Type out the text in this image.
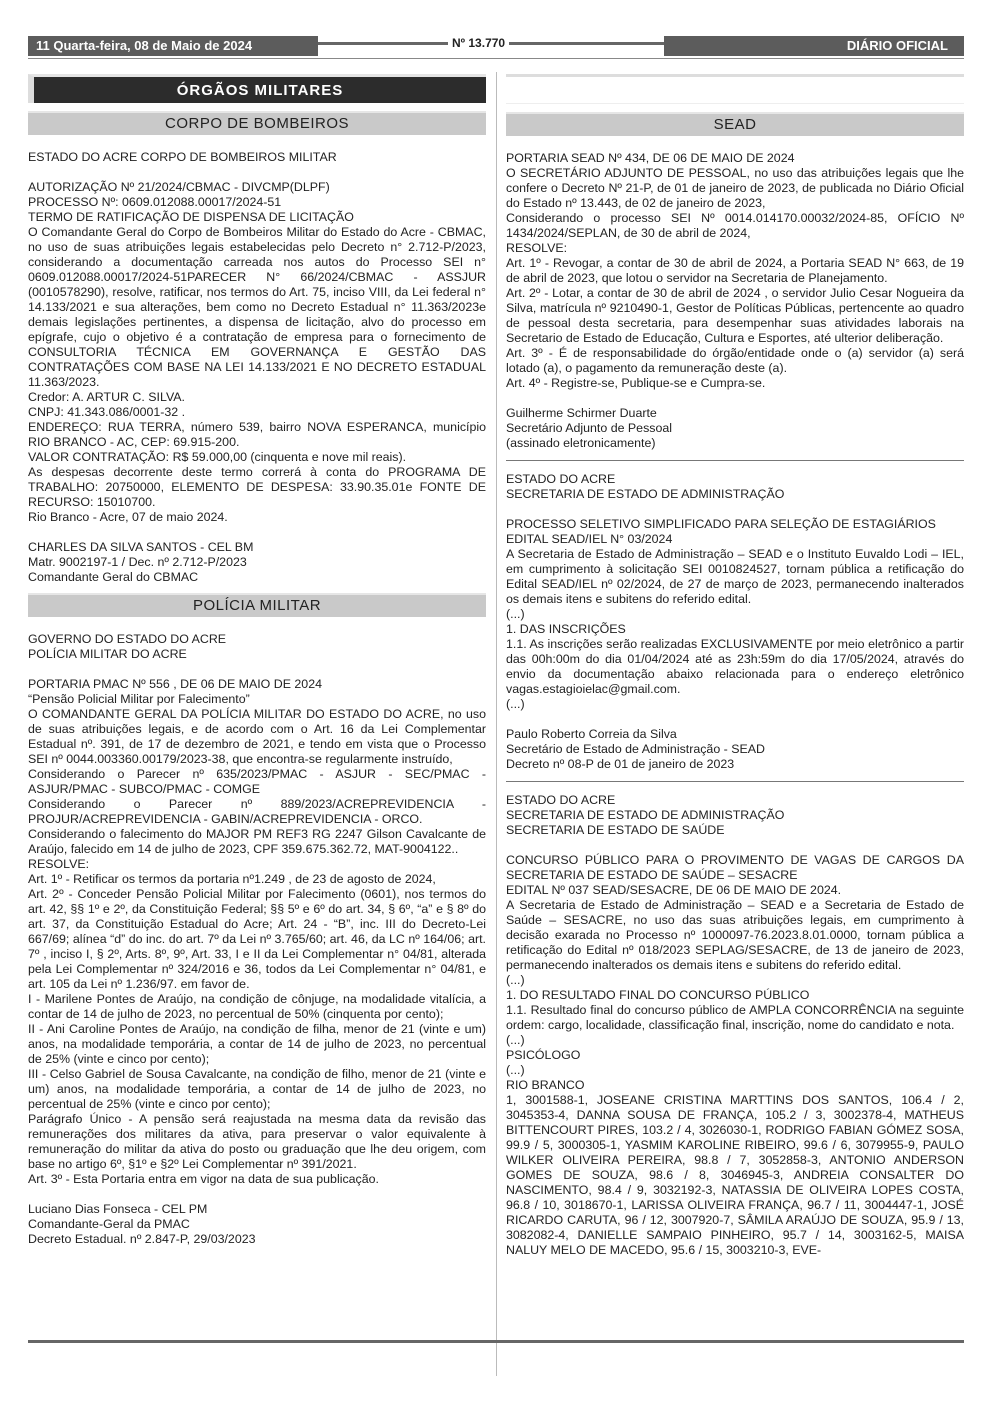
11 Quarta-feira, 08 de Maio de 2024	Nº 13.770	DIÁRIO OFICIAL
ÓRGÃOS MILITARES
CORPO DE BOMBEIROS

ESTADO DO ACRE CORPO DE BOMBEIROS MILITAR

AUTORIZAÇÃO Nº 21/2024/CBMAC - DIVCMP(DLPF)

PROCESSO Nº: 0609.012088.00017/2024-51

TERMO DE RATIFICAÇÃO DE DISPENSA DE LICITAÇÃO

O Comandante Geral do Corpo de Bombeiros Militar do Estado do Acre - CBMAC, no uso de suas atribuições legais estabelecidas pelo Decreto n° 2.712-P/2023, considerando a documentação carreada nos autos do Processo SEI n° 0609.012088.00017/2024-51PARECER N° 66/2024/CBMAC - ASSJUR (0010578290), resolve, ratificar, nos termos do Art. 75, inciso VIII, da Lei federal n° 14.133/2021 e sua alterações, bem como no Decreto Estadual n° 11.363/2023e demais legislações pertinentes, a dispensa de licitação, alvo do processo em epígrafe, cujo o objetivo é a contratação de empresa para o fornecimento de CONSULTORIA TÉCNICA EM GOVERNANÇA E GESTÃO DAS CONTRATAÇÕES COM BASE NA LEI 14.133/2021 E NO DECRETO ESTADUAL 11.363/2023.

Credor: A. ARTUR C. SILVA.

CNPJ: 41.343.086/0001-32 .

ENDEREÇO: RUA TERRA, número 539, bairro NOVA ESPERANCA, município RIO BRANCO - AC, CEP: 69.915-200.

VALOR CONTRATAÇÃO: R$ 59.000,00 (cinquenta e nove mil reais).

As despesas decorrente deste termo correrá à conta do PROGRAMA DE TRABALHO: 20750000, ELEMENTO DE DESPESA: 33.90.35.01e FONTE DE RECURSO: 15010700.

Rio Branco - Acre, 07 de maio 2024.

CHARLES DA SILVA SANTOS - CEL BM

Matr. 9002197-1 / Dec. nº 2.712-P/2023

Comandante Geral do CBMAC

POLÍCIA MILITAR

GOVERNO DO ESTADO DO ACRE

POLÍCIA MILITAR DO ACRE

PORTARIA PMAC Nº 556 , DE 06 DE MAIO DE 2024

“Pensão Policial Militar por Falecimento”

O COMANDANTE GERAL DA POLÍCIA MILITAR DO ESTADO DO ACRE, no uso de suas atribuições legais, e de acordo com o Art. 16 da Lei Complementar Estadual nº. 391, de 17 de dezembro de 2021, e tendo em vista que o Processo SEI nº 0044.003360.00179/2023-38, que encontra-se regularmente instruído,

Considerando o Parecer nº 635/2023/PMAC - ASJUR - SEC/PMAC - ASJUR/PMAC - SUBCO/PMAC - COMGE

Considerando o Parecer nº 889/2023/ACREPREVIDENCIA - PROJUR/ACREPREVIDENCIA - GABIN/ACREPREVIDENCIA - ORCO.

Considerando o falecimento do MAJOR PM REF3 RG 2247 Gilson Cavalcante de Araújo, falecido em 14 de julho de 2023, CPF 359.675.362.72, MAT-9004122..

RESOLVE:

Art. 1º - Retificar os termos da portaria nº1.249 , de 23 de agosto de 2024,

Art. 2º - Conceder Pensão Policial Militar por Falecimento (0601), nos termos do art. 42, §§ 1º e 2º, da Constituição Federal; §§ 5º e 6º do art. 34, § 6º, “a” e § 8º do art. 37, da Constituição Estadual do Acre; Art. 24 - “B”, inc. III do Decreto-Lei 667/69; alínea “d” do inc. do art. 7º da Lei nº 3.765/60; art. 46, da LC nº 164/06; art. 7º , inciso I, § 2º, Arts. 8º, 9º, Art. 33, I e II da Lei Complementar n° 04/81, alterada pela Lei Complementar nº 324/2016 e 36, todos da Lei Complementar n° 04/81, e art. 105 da Lei nº 1.236/97. em favor de.

I - Marilene Pontes de Araújo, na condição de cônjuge, na modalidade vitalícia, a contar de 14 de julho de 2023, no percentual de 50% (cinquenta por cento);

II - Ani Caroline Pontes de Araújo, na condição de filha, menor de 21 (vinte e um) anos, na modalidade temporária, a contar de 14 de julho de 2023, no percentual de 25% (vinte e cinco por cento);

III - Celso Gabriel de Sousa Cavalcante, na condição de filho, menor de 21 (vinte e um) anos, na modalidade temporária, a contar de 14 de julho de 2023, no percentual de 25% (vinte e cinco por cento);

Parágrafo Único - A pensão será reajustada na mesma data da revisão das remunerações dos militares da ativa, para preservar o valor equivalente à remuneração do militar da ativa do posto ou graduação que lhe deu origem, com base no artigo 6º, §1º e §2º Lei Complementar nº 391/2021.

Art. 3º - Esta Portaria entra em vigor na data de sua publicação.

Luciano Dias Fonseca - CEL PM

Comandante-Geral da PMAC

Decreto Estadual. nº 2.847-P, 29/03/2023

SEAD

PORTARIA SEAD Nº 434, DE 06 DE MAIO DE 2024

O SECRETÁRIO ADJUNTO DE PESSOAL, no uso das atribuições legais que lhe confere o Decreto Nº 21-P, de 01 de janeiro de 2023, de publicada no Diário Oficial do Estado nº 13.443, de 02 de janeiro de 2023,

Considerando o processo SEI Nº 0014.014170.00032/2024-85, OFÍCIO Nº 1434/2024/SEPLAN, de 30 de abril de 2024,

RESOLVE:

Art. 1º - Revogar, a contar de 30 de abril de 2024, a Portaria SEAD N° 663, de 19 de abril de 2023, que lotou o servidor na Secretaria de Planejamento.

Art. 2º - Lotar, a contar de 30 de abril de 2024 , o servidor Julio Cesar Nogueira da Silva, matrícula nº 9210490-1, Gestor de Políticas Públicas, pertencente ao quadro de pessoal desta secretaria, para desempenhar suas atividades laborais na Secretario de Estado de Educação, Cultura e Esportes, até ulterior deliberação.

Art. 3º - É de responsabilidade do órgão/entidade onde o (a) servidor (a) será lotado (a), o pagamento da remuneração deste (a).

Art. 4º - Registre-se, Publique-se e Cumpra-se.

Guilherme Schirmer Duarte

Secretário Adjunto de Pessoal

(assinado eletronicamente)

ESTADO DO ACRE

SECRETARIA DE ESTADO DE ADMINISTRAÇÃO

PROCESSO SELETIVO SIMPLIFICADO PARA SELEÇÃO DE ESTAGIÁRIOS

EDITAL SEAD/IEL N° 03/2024

A Secretaria de Estado de Administração – SEAD e o Instituto Euvaldo Lodi – IEL, em cumprimento à solicitação SEI 0010824527, tornam pública a retificação do Edital SEAD/IEL nº 02/2024, de 27 de março de 2023, permanecendo inalterados os demais itens e subitens do referido edital.

(...)

1. DAS INSCRIÇÕES

1.1. As inscrições serão realizadas EXCLUSIVAMENTE por meio eletrônico a partir das 00h:00m do dia 01/04/2024 até as 23h:59m do dia 17/05/2024, através do envio da documentação abaixo relacionada para o endereço eletrônico vagas.estagioielac@gmail.com.

(...)

Paulo Roberto Correia da Silva

Secretário de Estado de Administração - SEAD

Decreto nº 08-P de 01 de janeiro de 2023

ESTADO DO ACRE

SECRETARIA DE ESTADO DE ADMINISTRAÇÃO

SECRETARIA DE ESTADO DE SAÚDE

CONCURSO PÚBLICO PARA O PROVIMENTO DE VAGAS DE CARGOS DA SECRETARIA DE ESTADO DE SAÚDE – SESACRE

EDITAL Nº 037 SEAD/SESACRE, DE 06 DE MAIO DE 2024.

A Secretaria de Estado de Administração – SEAD e a Secretaria de Estado de Saúde – SESACRE, no uso das suas atribuições legais, em cumprimento à decisão exarada no Processo nº 1000097-76.2023.8.01.0000, tornam pública a retificação do Edital nº 018/2023 SEPLAG/SESACRE, de 13 de janeiro de 2023, permanecendo inalterados os demais itens e subitens do referido edital.

(...)

1. DO RESULTADO FINAL DO CONCURSO PÚBLICO

1.1. Resultado final do concurso público de AMPLA CONCORRÊNCIA na seguinte ordem: cargo, localidade, classificação final, inscrição, nome do candidato e nota.

(...)

PSICÓLOGO

(...)

RIO BRANCO

1, 3001588-1, JOSEANE CRISTINA MARTTINS DOS SANTOS, 106.4 / 2, 3045353-4, DANNA SOUSA DE FRANÇA, 105.2 / 3, 3002378-4, MATHEUS BITTENCOURT PIRES, 103.2 / 4, 3026030-1, RODRIGO FABIAN GÓMEZ SOSA, 99.9 / 5, 3000305-1, YASMIM KAROLINE RIBEIRO, 99.6 / 6, 3079955-9, PAULO WILKER OLIVEIRA PEREIRA, 98.8 / 7, 3052858-3, ANTONIO ANDERSON GOMES DE SOUZA, 98.6 / 8, 3046945-3, ANDREIA CONSALTER DO NASCIMENTO, 98.4 / 9, 3032192-3, NATASSIA DE OLIVEIRA LOPES COSTA, 96.8 / 10, 3018670-1, LARISSA OLIVEIRA FRANÇA, 96.7 / 11, 3004447-1, JOSÉ RICARDO CARUTA, 96 / 12, 3007920-7, SÂMILA ARAÚJO DE SOUZA, 95.9 / 13, 3082082-4, DANIELLE SAMPAIO PINHEIRO, 95.7 / 14, 3003162-5, MAISA NALUY MELO DE MACEDO, 95.6 / 15, 3003210-3, EVE-
